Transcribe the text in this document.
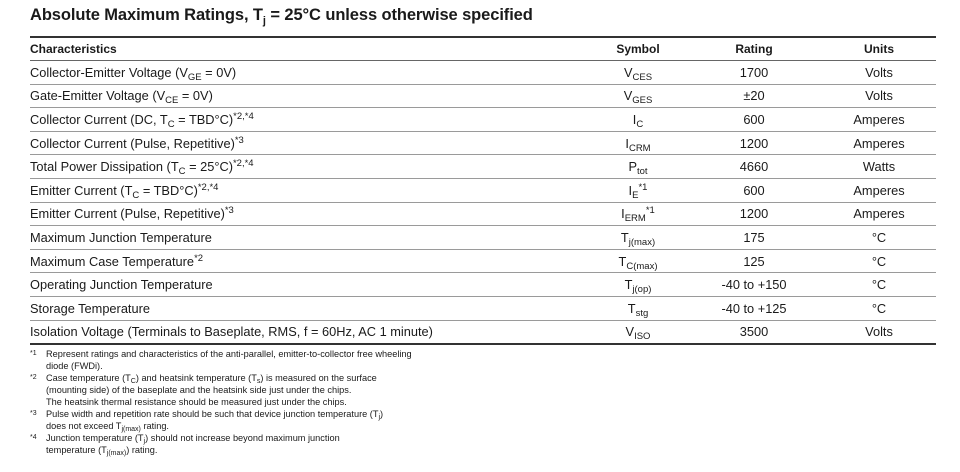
Absolute Maximum Ratings, $T_j = 25^\circ C$ unless otherwise specified
Characteristics	Symbol	Rating	Units
Collector-Emitter Voltage $(V_{GE} = 0V)$	$V_{CES}$	1700	Volts
Gate-Emitter Voltage $(V_{CE} = 0V)$	$V_{GES}$	±20	Volts
Collector Current (DC, $T_C = TBD^\circ C)^{*2,*4}$	$I_C$	600	Amperes
Collector Current (Pulse, Repetitive)$^{*3}$	$I_{CRM}$	1200	Amperes
Total Power Dissipation $(T_C = 25^\circ C)^{*2,*4}$	$P_{tot}$	4660	Watts
Emitter Current $(T_C = TBD^\circ C)^{*2,*4}$	$I_E^{*1}$	600	Amperes
Emitter Current (Pulse, Repetitive)$^{*3}$	$I_{ERM}^{*1}$	1200	Amperes
Maximum Junction Temperature	$T_{j(max)}$	175	°C
Maximum Case Temperature$^{*2}$	$T_{C(max)}$	125	°C
Operating Junction Temperature	$T_{j(op)}$	-40 to +150	°C
Storage Temperature	$T_{stg}$	-40 to +125	°C
Isolation Voltage (Terminals to Baseplate, RMS, f = 60Hz, AC 1 minute)	$V_{ISO}$	3500	Volts
$^{*1}$	Represent ratings and characteristics of the anti-parallel, emitter-to-collector free wheeling
diode (FWDi).
$^{*2}$	Case temperature $(T_C)$ and heatsink temperature $(T_s)$ is measured on the surface
(mounting side) of the baseplate and the heatsink side just under the chips.
The heatsink thermal resistance should be measured just under the chips.
$^{*3}$	Pulse width and repetition rate should be such that device junction temperature $(T_j)$
does not exceed $T_{j(max)}$ rating.
$^{*4}$	Junction temperature $(T_j)$ should not increase beyond maximum junction
temperature $(T_{j(max)})$ rating.
